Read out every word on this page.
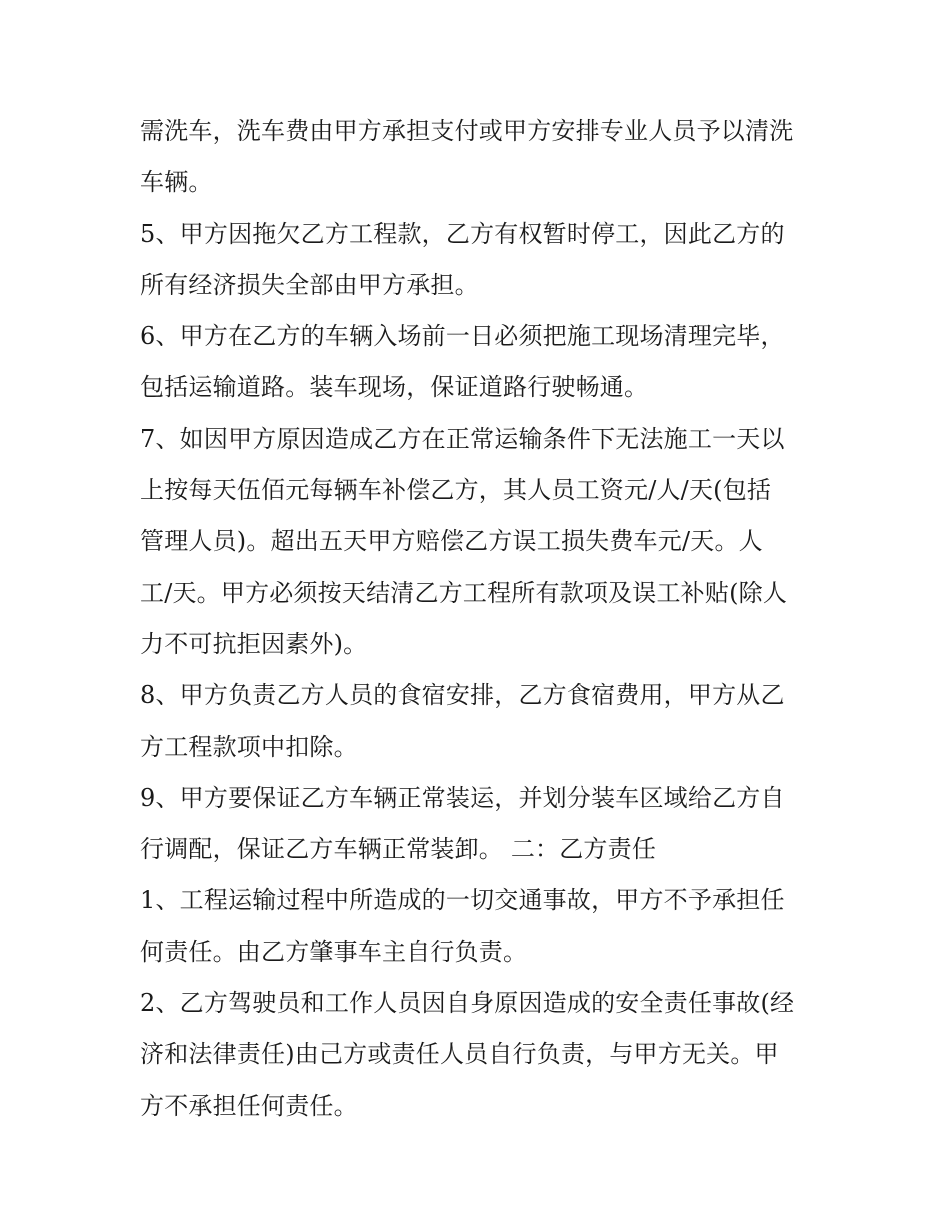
需洗车，洗车费由甲方承担支付或甲方安排专业人员予以清洗
车辆。
5、甲方因拖欠乙方工程款，乙方有权暂时停工，因此乙方的
所有经济损失全部由甲方承担。
6、甲方在乙方的车辆入场前一日必须把施工现场清理完毕，
包括运输道路。装车现场，保证道路行驶畅通。
7、如因甲方原因造成乙方在正常运输条件下无法施工一天以
上按每天伍佰元每辆车补偿乙方，其人员工资元/人/天(包括
管理人员)。超出五天甲方赔偿乙方误工损失费车元/天。人
工/天。甲方必须按天结清乙方工程所有款项及误工补贴(除人
力不可抗拒因素外)。
8、甲方负责乙方人员的食宿安排，乙方食宿费用，甲方从乙
方工程款项中扣除。
9、甲方要保证乙方车辆正常装运，并划分装车区域给乙方自
行调配，保证乙方车辆正常装卸。 二：乙方责任
1、工程运输过程中所造成的一切交通事故，甲方不予承担任
何责任。由乙方肇事车主自行负责。
2、乙方驾驶员和工作人员因自身原因造成的安全责任事故(经
济和法律责任)由己方或责任人员自行负责，与甲方无关。甲
方不承担任何责任。
